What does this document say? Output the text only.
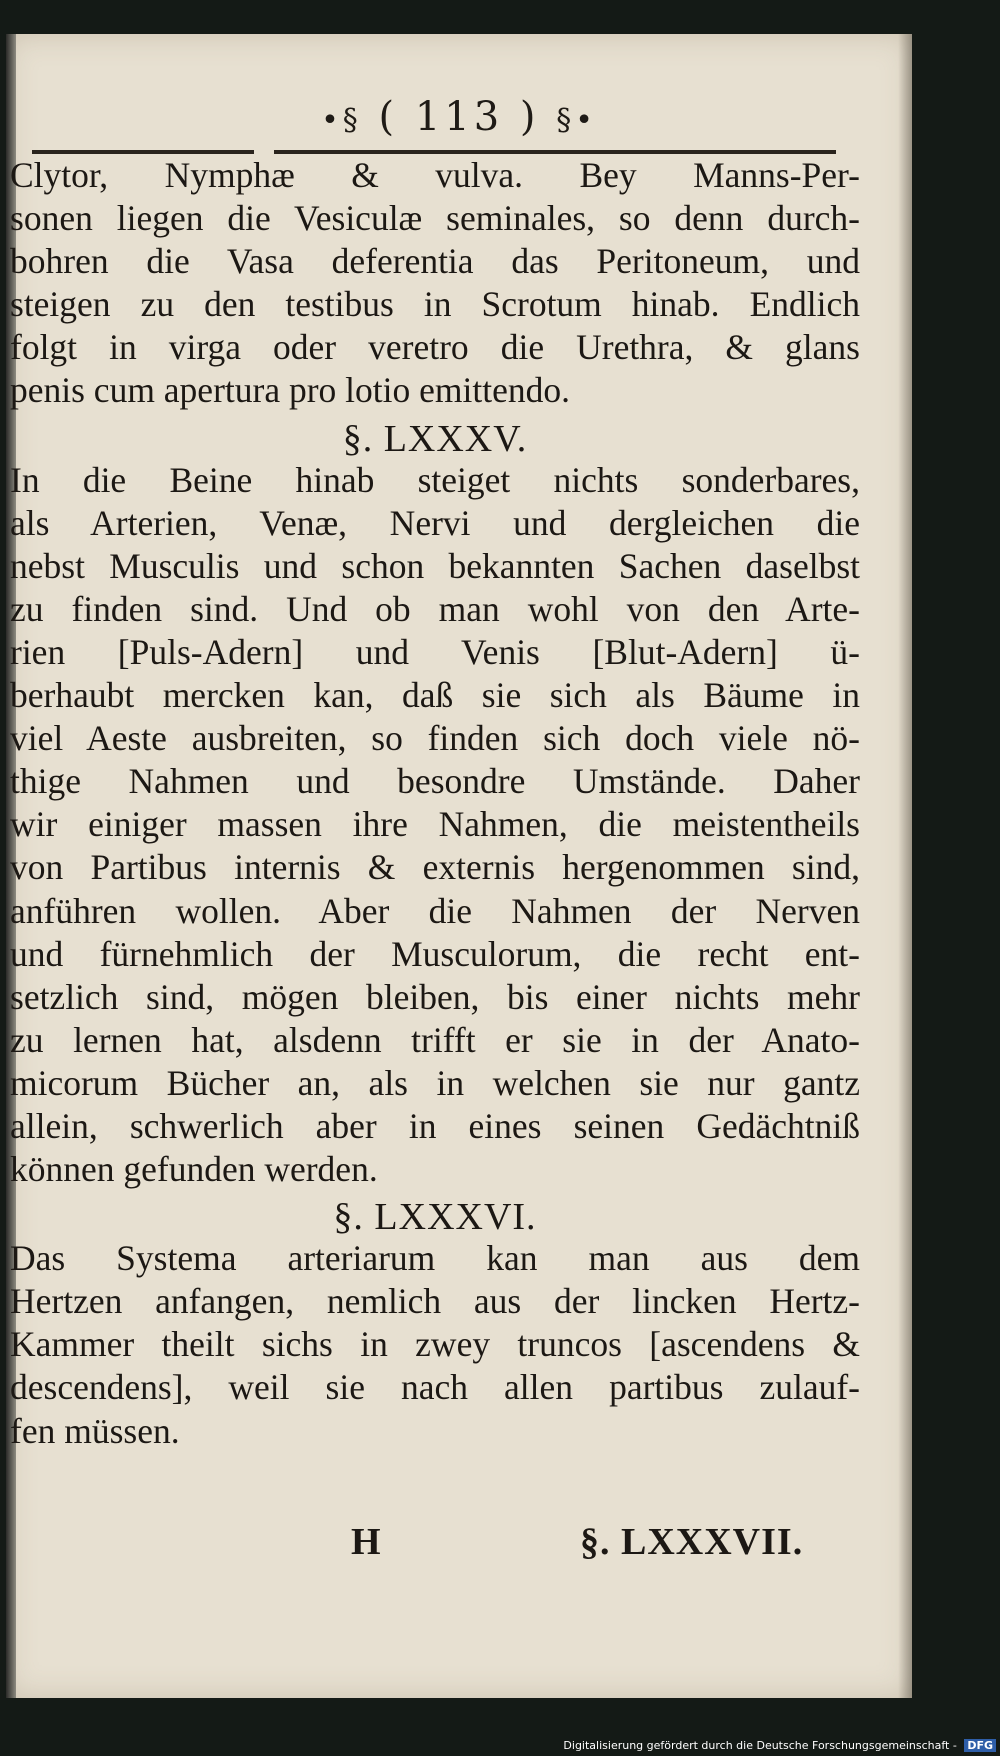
•§ ( 113 ) §•
Clytor, Nymphæ & vulva. Bey Manns-Per-
sonen liegen die Vesiculæ seminales, so denn durch-
bohren die Vasa deferentia das Peritoneum, und
steigen zu den testibus in Scrotum hinab. Endlich
folgt in virga oder veretro die Urethra, & glans
penis cum apertura pro lotio emittendo.
§. LXXXV.
In die Beine hinab steiget nichts sonderbares,
als Arterien, Venæ, Nervi und dergleichen die
nebst Musculis und schon bekannten Sachen daselbst
zu finden sind. Und ob man wohl von den Arte-
rien [Puls-Adern] und Venis [Blut-Adern] ü-
berhaubt mercken kan, daß sie sich als Bäume in
viel Aeste ausbreiten, so finden sich doch viele nö-
thige Nahmen und besondre Umstände. Daher
wir einiger massen ihre Nahmen, die meistentheils
von Partibus internis & externis hergenommen sind,
anführen wollen. Aber die Nahmen der Nerven
und fürnehmlich der Musculorum, die recht ent-
setzlich sind, mögen bleiben, bis einer nichts mehr
zu lernen hat, alsdenn trifft er sie in der Anato-
micorum Bücher an, als in welchen sie nur gantz
allein, schwerlich aber in eines seinen Gedächtniß
können gefunden werden.
§. LXXXVI.
Das Systema arteriarum kan man aus dem
Hertzen anfangen, nemlich aus der lincken Hertz-
Kammer theilt sichs in zwey truncos [ascendens &
descendens], weil sie nach allen partibus zulauf-
fen müssen.
H	§. LXXXVII.
Digitalisierung gefördert durch die Deutsche Forschungsgemeinschaft - DFG
